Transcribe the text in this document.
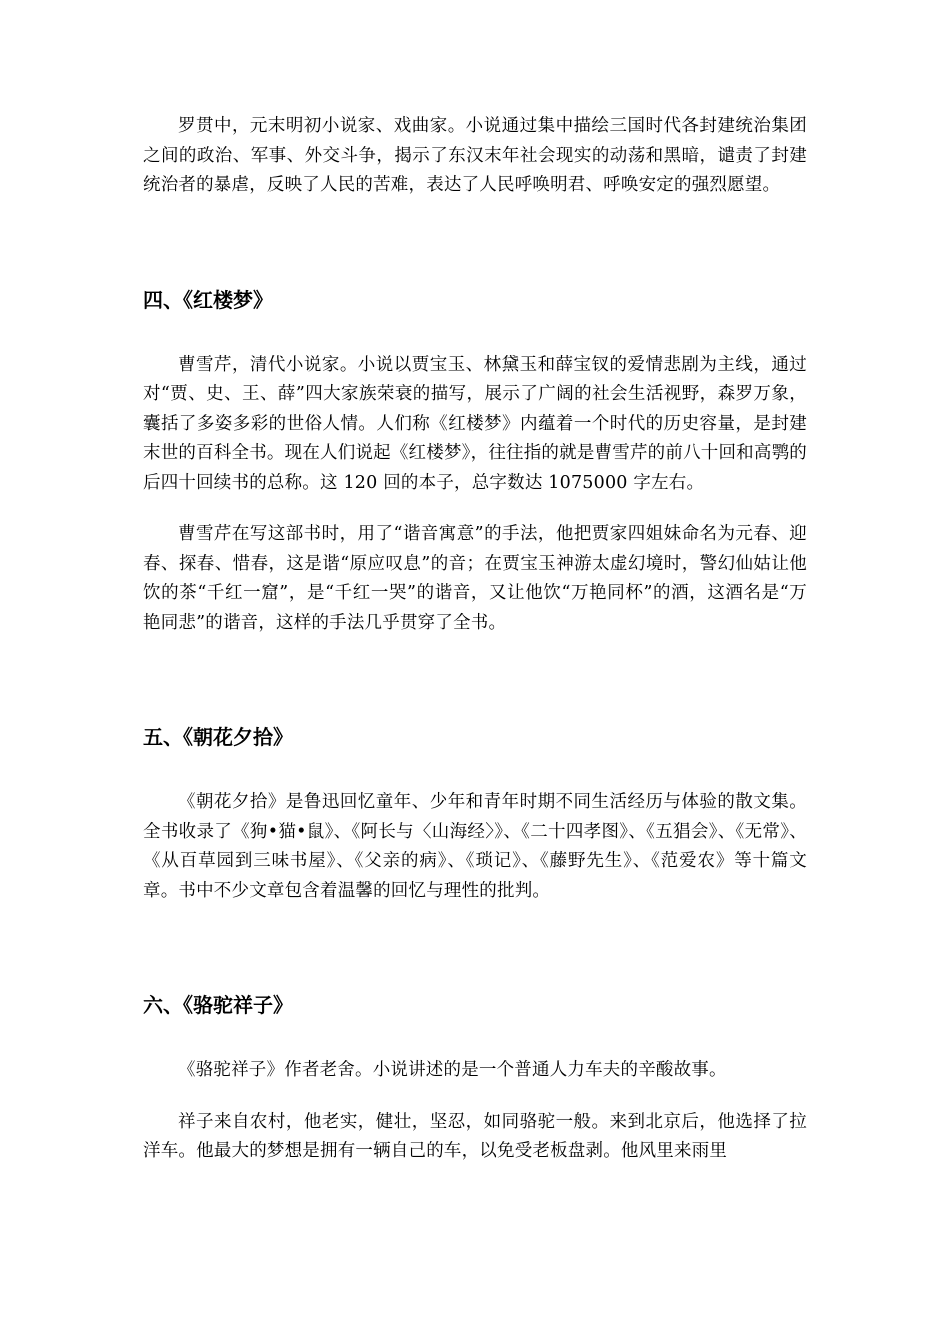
罗贯中，元末明初小说家、戏曲家。小说通过集中描绘三国时代各封建统治集团之间的政治、军事、外交斗争，揭示了东汉末年社会现实的动荡和黑暗，谴责了封建统治者的暴虐，反映了人民的苦难，表达了人民呼唤明君、呼唤安定的强烈愿望。

四、《红楼梦》

曹雪芹，清代小说家。小说以贾宝玉、林黛玉和薛宝钗的爱情悲剧为主线，通过对“贾、史、王、薛”四大家族荣衰的描写，展示了广阔的社会生活视野，森罗万象，囊括了多姿多彩的世俗人情。人们称《红楼梦》内蕴着一个时代的历史容量，是封建末世的百科全书。现在人们说起《红楼梦》，往往指的就是曹雪芹的前八十回和高鹗的后四十回续书的总称。这 120 回的本子，总字数达 1075000 字左右。

曹雪芹在写这部书时，用了“谐音寓意”的手法，他把贾家四姐妹命名为元春、迎春、探春、惜春，这是谐“原应叹息”的音；在贾宝玉神游太虚幻境时，警幻仙姑让他饮的茶“千红一窟”，是“千红一哭”的谐音，又让他饮“万艳同杯”的酒，这酒名是“万艳同悲”的谐音，这样的手法几乎贯穿了全书。

五、《朝花夕拾》

《朝花夕拾》是鲁迅回忆童年、少年和青年时期不同生活经历与体验的散文集。全书收录了《狗•猫•鼠》、《阿长与〈山海经〉》、《二十四孝图》、《五猖会》、《无常》、《从百草园到三味书屋》、《父亲的病》、《琐记》、《藤野先生》、《范爱农》等十篇文章。书中不少文章包含着温馨的回忆与理性的批判。

六、《骆驼祥子》

《骆驼祥子》作者老舍。小说讲述的是一个普通人力车夫的辛酸故事。

祥子来自农村，他老实，健壮，坚忍，如同骆驼一般。来到北京后，他选择了拉洋车。他最大的梦想是拥有一辆自己的车，以免受老板盘剥。他风里来雨里
